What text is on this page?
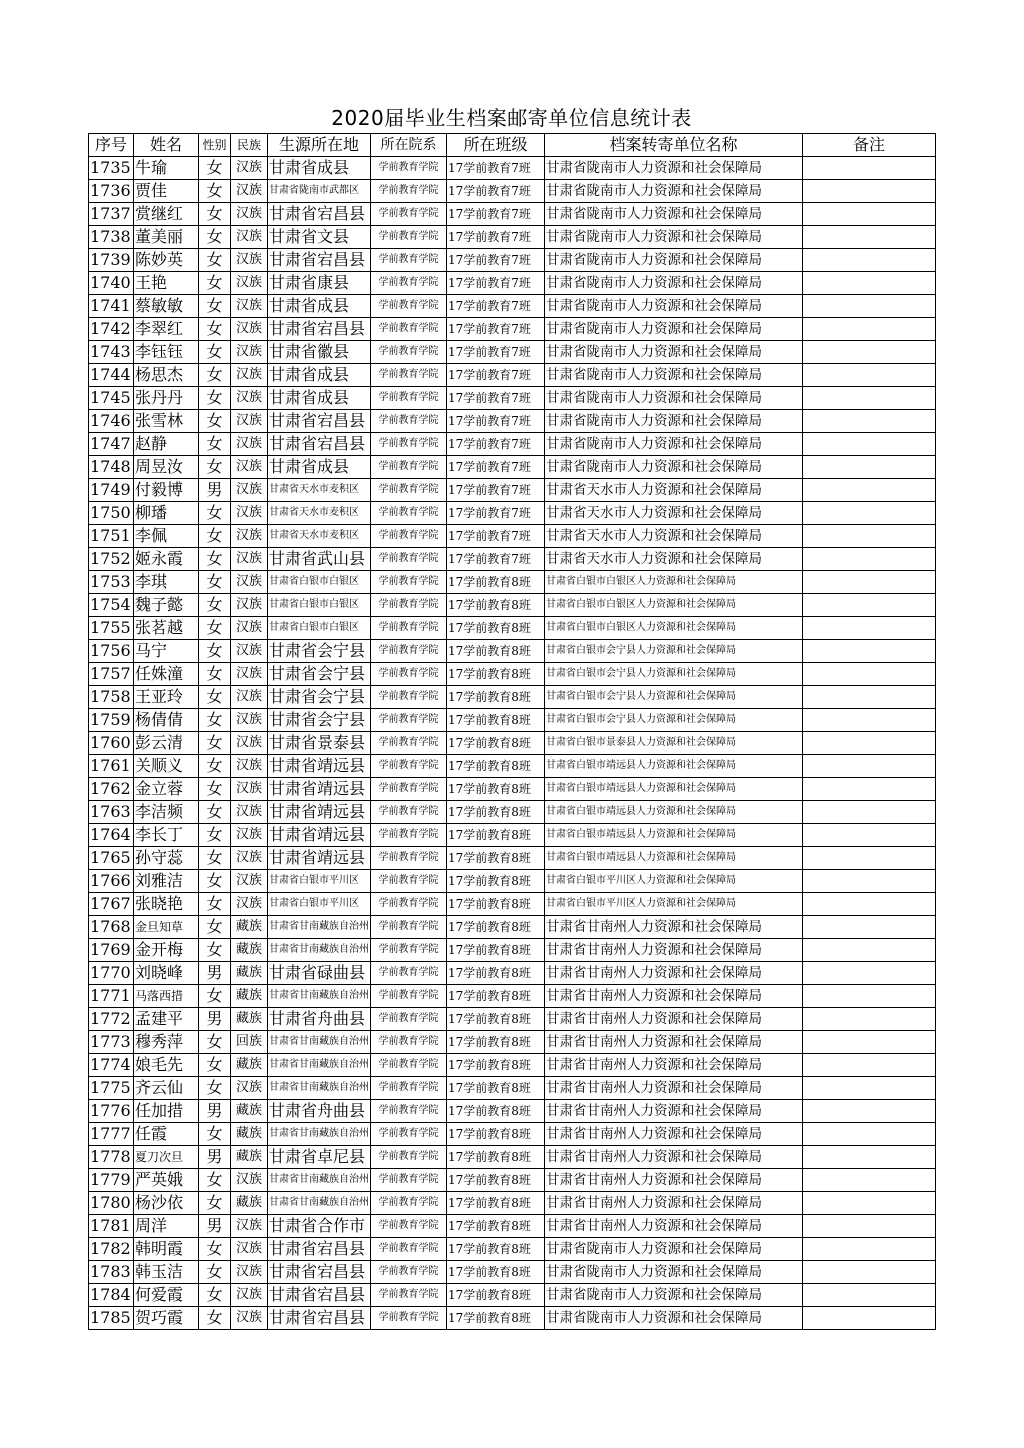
2020届毕业生档案邮寄单位信息统计表
序号	姓名	性别	民族	生源所在地	所在院系	所在班级	档案转寄单位名称	备注
1735	牛瑜	女	汉族	甘肃省成县	学前教育学院	17学前教育7班	甘肃省陇南市人力资源和社会保障局	
1736	贾佳	女	汉族	甘肃省陇南市武都区	学前教育学院	17学前教育7班	甘肃省陇南市人力资源和社会保障局	
1737	赏继红	女	汉族	甘肃省宕昌县	学前教育学院	17学前教育7班	甘肃省陇南市人力资源和社会保障局	
1738	董美丽	女	汉族	甘肃省文县	学前教育学院	17学前教育7班	甘肃省陇南市人力资源和社会保障局	
1739	陈妙英	女	汉族	甘肃省宕昌县	学前教育学院	17学前教育7班	甘肃省陇南市人力资源和社会保障局	
1740	王艳	女	汉族	甘肃省康县	学前教育学院	17学前教育7班	甘肃省陇南市人力资源和社会保障局	
1741	蔡敏敏	女	汉族	甘肃省成县	学前教育学院	17学前教育7班	甘肃省陇南市人力资源和社会保障局	
1742	李翠红	女	汉族	甘肃省宕昌县	学前教育学院	17学前教育7班	甘肃省陇南市人力资源和社会保障局	
1743	李钰钰	女	汉族	甘肃省徽县	学前教育学院	17学前教育7班	甘肃省陇南市人力资源和社会保障局	
1744	杨思杰	女	汉族	甘肃省成县	学前教育学院	17学前教育7班	甘肃省陇南市人力资源和社会保障局	
1745	张丹丹	女	汉族	甘肃省成县	学前教育学院	17学前教育7班	甘肃省陇南市人力资源和社会保障局	
1746	张雪林	女	汉族	甘肃省宕昌县	学前教育学院	17学前教育7班	甘肃省陇南市人力资源和社会保障局	
1747	赵静	女	汉族	甘肃省宕昌县	学前教育学院	17学前教育7班	甘肃省陇南市人力资源和社会保障局	
1748	周昱汝	女	汉族	甘肃省成县	学前教育学院	17学前教育7班	甘肃省陇南市人力资源和社会保障局	
1749	付毅博	男	汉族	甘肃省天水市麦积区	学前教育学院	17学前教育7班	甘肃省天水市人力资源和社会保障局	
1750	柳璠	女	汉族	甘肃省天水市麦积区	学前教育学院	17学前教育7班	甘肃省天水市人力资源和社会保障局	
1751	李佩	女	汉族	甘肃省天水市麦积区	学前教育学院	17学前教育7班	甘肃省天水市人力资源和社会保障局	
1752	姬永霞	女	汉族	甘肃省武山县	学前教育学院	17学前教育7班	甘肃省天水市人力资源和社会保障局	
1753	李琪	女	汉族	甘肃省白银市白银区	学前教育学院	17学前教育8班	甘肃省白银市白银区人力资源和社会保障局	
1754	魏子懿	女	汉族	甘肃省白银市白银区	学前教育学院	17学前教育8班	甘肃省白银市白银区人力资源和社会保障局	
1755	张茗越	女	汉族	甘肃省白银市白银区	学前教育学院	17学前教育8班	甘肃省白银市白银区人力资源和社会保障局	
1756	马宁	女	汉族	甘肃省会宁县	学前教育学院	17学前教育8班	甘肃省白银市会宁县人力资源和社会保障局	
1757	任姝潼	女	汉族	甘肃省会宁县	学前教育学院	17学前教育8班	甘肃省白银市会宁县人力资源和社会保障局	
1758	王亚玲	女	汉族	甘肃省会宁县	学前教育学院	17学前教育8班	甘肃省白银市会宁县人力资源和社会保障局	
1759	杨倩倩	女	汉族	甘肃省会宁县	学前教育学院	17学前教育8班	甘肃省白银市会宁县人力资源和社会保障局	
1760	彭云清	女	汉族	甘肃省景泰县	学前教育学院	17学前教育8班	甘肃省白银市景泰县人力资源和社会保障局	
1761	关顺义	女	汉族	甘肃省靖远县	学前教育学院	17学前教育8班	甘肃省白银市靖远县人力资源和社会保障局	
1762	金立蓉	女	汉族	甘肃省靖远县	学前教育学院	17学前教育8班	甘肃省白银市靖远县人力资源和社会保障局	
1763	李洁频	女	汉族	甘肃省靖远县	学前教育学院	17学前教育8班	甘肃省白银市靖远县人力资源和社会保障局	
1764	李长丁	女	汉族	甘肃省靖远县	学前教育学院	17学前教育8班	甘肃省白银市靖远县人力资源和社会保障局	
1765	孙守蕊	女	汉族	甘肃省靖远县	学前教育学院	17学前教育8班	甘肃省白银市靖远县人力资源和社会保障局	
1766	刘雅洁	女	汉族	甘肃省白银市平川区	学前教育学院	17学前教育8班	甘肃省白银市平川区人力资源和社会保障局	
1767	张晓艳	女	汉族	甘肃省白银市平川区	学前教育学院	17学前教育8班	甘肃省白银市平川区人力资源和社会保障局	
1768	金旦知草	女	藏族	甘肃省甘南藏族自治州	学前教育学院	17学前教育8班	甘肃省甘南州人力资源和社会保障局	
1769	金开梅	女	藏族	甘肃省甘南藏族自治州	学前教育学院	17学前教育8班	甘肃省甘南州人力资源和社会保障局	
1770	刘晓峰	男	藏族	甘肃省碌曲县	学前教育学院	17学前教育8班	甘肃省甘南州人力资源和社会保障局	
1771	马落西措	女	藏族	甘肃省甘南藏族自治州	学前教育学院	17学前教育8班	甘肃省甘南州人力资源和社会保障局	
1772	孟建平	男	藏族	甘肃省舟曲县	学前教育学院	17学前教育8班	甘肃省甘南州人力资源和社会保障局	
1773	穆秀萍	女	回族	甘肃省甘南藏族自治州	学前教育学院	17学前教育8班	甘肃省甘南州人力资源和社会保障局	
1774	娘毛先	女	藏族	甘肃省甘南藏族自治州	学前教育学院	17学前教育8班	甘肃省甘南州人力资源和社会保障局	
1775	齐云仙	女	汉族	甘肃省甘南藏族自治州	学前教育学院	17学前教育8班	甘肃省甘南州人力资源和社会保障局	
1776	任加措	男	藏族	甘肃省舟曲县	学前教育学院	17学前教育8班	甘肃省甘南州人力资源和社会保障局	
1777	任霞	女	藏族	甘肃省甘南藏族自治州	学前教育学院	17学前教育8班	甘肃省甘南州人力资源和社会保障局	
1778	夏刀次旦	男	藏族	甘肃省卓尼县	学前教育学院	17学前教育8班	甘肃省甘南州人力资源和社会保障局	
1779	严英娥	女	汉族	甘肃省甘南藏族自治州	学前教育学院	17学前教育8班	甘肃省甘南州人力资源和社会保障局	
1780	杨沙依	女	藏族	甘肃省甘南藏族自治州	学前教育学院	17学前教育8班	甘肃省甘南州人力资源和社会保障局	
1781	周洋	男	汉族	甘肃省合作市	学前教育学院	17学前教育8班	甘肃省甘南州人力资源和社会保障局	
1782	韩明霞	女	汉族	甘肃省宕昌县	学前教育学院	17学前教育8班	甘肃省陇南市人力资源和社会保障局	
1783	韩玉洁	女	汉族	甘肃省宕昌县	学前教育学院	17学前教育8班	甘肃省陇南市人力资源和社会保障局	
1784	何爱霞	女	汉族	甘肃省宕昌县	学前教育学院	17学前教育8班	甘肃省陇南市人力资源和社会保障局	
1785	贺巧霞	女	汉族	甘肃省宕昌县	学前教育学院	17学前教育8班	甘肃省陇南市人力资源和社会保障局	
